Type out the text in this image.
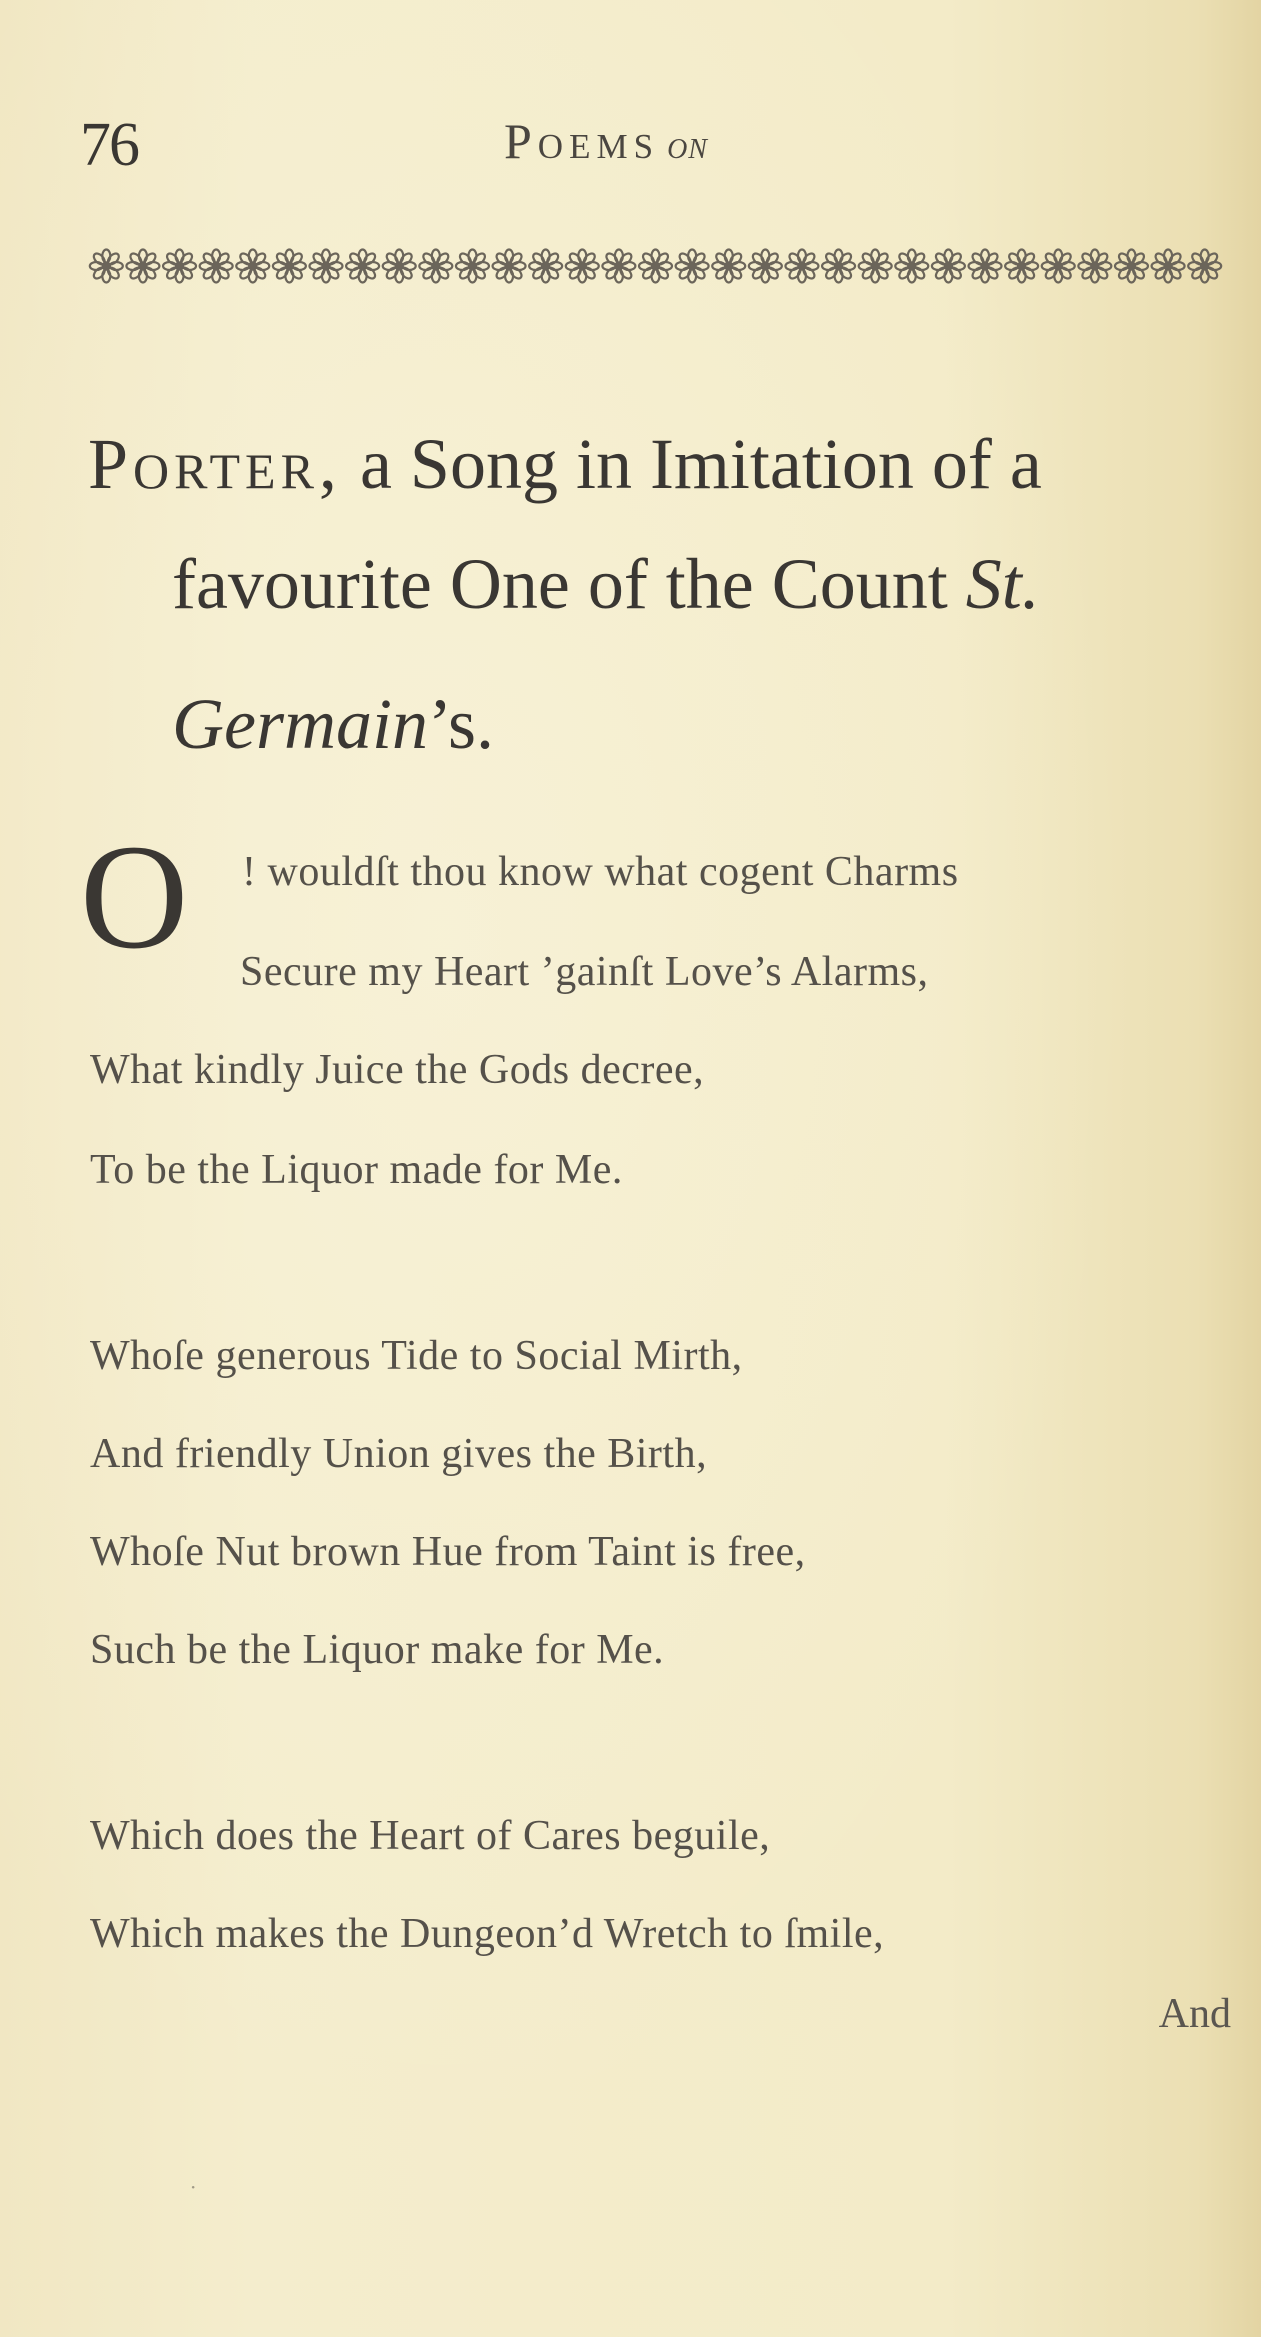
76	Poems on
Porter, a Song in Imitation of a
favourite One of the Count St.
Germain’s.
O ! wouldſt thou know what cogent Charms
Secure my Heart ’gainſt Love’s Alarms,
What kindly Juice the Gods decree,
To be the Liquor made for Me.
Whoſe generous Tide to Social Mirth,
And friendly Union gives the Birth,
Whoſe Nut brown Hue from Taint is free,
Such be the Liquor make for Me.
Which does the Heart of Cares beguile,
Which makes the Dungeon’d Wretch to ſmile,
And
·
